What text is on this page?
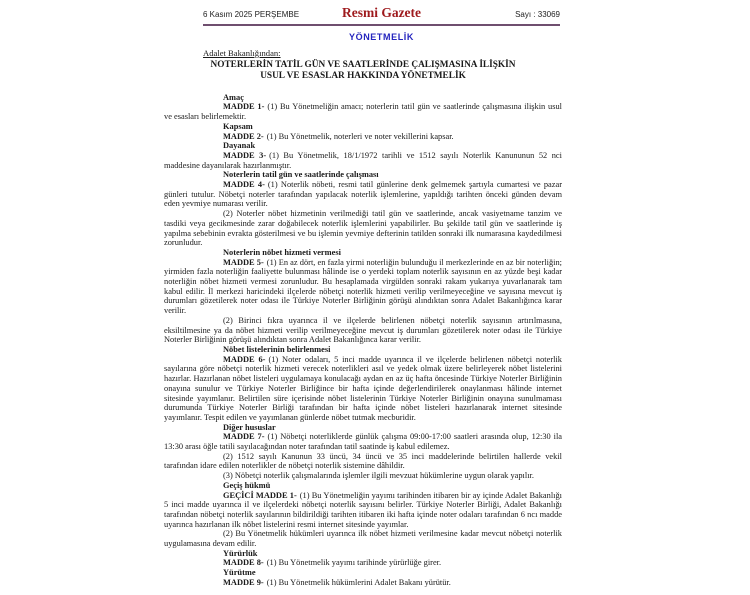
6 Kasım 2025 PERŞEMBE	Resmi Gazete	Sayı : 33069
YÖNETMELİK
Adalet Bakanlığından:
NOTERLERİN TATİL GÜN VE SAATLERİNDE ÇALIŞMASINA İLİŞKİN
USUL VE ESASLAR HAKKINDA YÖNETMELİK
Amaç

MADDE 1- (1) Bu Yönetmeliğin amacı; noterlerin tatil gün ve saatlerinde çalışmasına ilişkin usul ve esasları belirlemektir.

Kapsam

MADDE 2- (1) Bu Yönetmelik, noterleri ve noter vekillerini kapsar.

Dayanak

MADDE 3- (1) Bu Yönetmelik, 18/1/1972 tarihli ve 1512 sayılı Noterlik Kanununun 52 nci maddesine dayanılarak hazırlanmıştır.

Noterlerin tatil gün ve saatlerinde çalışması

MADDE 4- (1) Noterlik nöbeti, resmi tatil günlerine denk gelmemek şartıyla cumartesi ve pazar günleri tutulur. Nöbetçi noterler tarafından yapılacak noterlik işlemlerine, yapıldığı tarihten önceki günden devam eden yevmiye numarası verilir.

(2) Noterler nöbet hizmetinin verilmediği tatil gün ve saatlerinde, ancak vasiyetname tanzim ve tasdiki veya gecikmesinde zarar doğabilecek noterlik işlemlerini yapabilirler. Bu şekilde tatil gün ve saatlerinde iş yapılma sebebinin evrakta gösterilmesi ve bu işlemin yevmiye defterinin tatilden sonraki ilk numarasına kaydedilmesi zorunludur.

Noterlerin nöbet hizmeti vermesi

MADDE 5- (1) En az dört, en fazla yirmi noterliğin bulunduğu il merkezlerinde en az bir noterliğin; yirmiden fazla noterliğin faaliyette bulunması hâlinde ise o yerdeki toplam noterlik sayısının en az yüzde beşi kadar noterliğin nöbet hizmeti vermesi zorunludur. Bu hesaplamada virgülden sonraki rakam yukarıya yuvarlanarak tam kabul edilir. İl merkezi haricindeki ilçelerde nöbetçi noterlik hizmeti verilip verilmeyeceğine ve sayısına mevcut iş durumları gözetilerek noter odası ile Türkiye Noterler Birliğinin görüşü alındıktan sonra Adalet Bakanlığınca karar verilir.

(2) Birinci fıkra uyarınca il ve ilçelerde belirlenen nöbetçi noterlik sayısının artırılmasına, eksiltilmesine ya da nöbet hizmeti verilip verilmeyeceğine mevcut iş durumları gözetilerek noter odası ile Türkiye Noterler Birliğinin görüşü alındıktan sonra Adalet Bakanlığınca karar verilir.

Nöbet listelerinin belirlenmesi

MADDE 6- (1) Noter odaları, 5 inci madde uyarınca il ve ilçelerde belirlenen nöbetçi noterlik sayılarına göre nöbetçi noterlik hizmeti verecek noterlikleri asıl ve yedek olmak üzere belirleyerek nöbet listelerini hazırlar. Hazırlanan nöbet listeleri uygulamaya konulacağı aydan en az üç hafta öncesinde Türkiye Noterler Birliğinin onayına sunulur ve Türkiye Noterler Birliğince bir hafta içinde değerlendirilerek onaylanması hâlinde internet sitesinde yayımlanır. Belirtilen süre içerisinde nöbet listelerinin Türkiye Noterler Birliğinin onayına sunulmaması durumunda Türkiye Noterler Birliği tarafından bir hafta içinde nöbet listeleri hazırlanarak internet sitesinde yayımlanır. Tespit edilen ve yayımlanan günlerde nöbet tutmak mecburidir.

Diğer hususlar

MADDE 7- (1) Nöbetçi noterliklerde günlük çalışma 09:00-17:00 saatleri arasında olup, 12:30 ila 13:30 arası öğle tatili sayılacağından noter tarafından tatil saatinde iş kabul edilemez.

(2) 1512 sayılı Kanunun 33 üncü, 34 üncü ve 35 inci maddelerinde belirtilen hallerde vekil tarafından idare edilen noterlikler de nöbetçi noterlik sistemine dâhildir.

(3) Nöbetçi noterlik çalışmalarında işlemler ilgili mevzuat hükümlerine uygun olarak yapılır.

Geçiş hükmü

GEÇİCİ MADDE 1- (1) Bu Yönetmeliğin yayımı tarihinden itibaren bir ay içinde Adalet Bakanlığı 5 inci madde uyarınca il ve ilçelerdeki nöbetçi noterlik sayısını belirler. Türkiye Noterler Birliği, Adalet Bakanlığı tarafından nöbetçi noterlik sayılarının bildirildiği tarihten itibaren iki hafta içinde noter odaları tarafından 6 ncı madde uyarınca hazırlanan ilk nöbet listelerini resmi internet sitesinde yayımlar.

(2) Bu Yönetmelik hükümleri uyarınca ilk nöbet hizmeti verilmesine kadar mevcut nöbetçi noterlik uygulamasına devam edilir.

Yürürlük

MADDE 8- (1) Bu Yönetmelik yayımı tarihinde yürürlüğe girer.

Yürütme

MADDE 9- (1) Bu Yönetmelik hükümlerini Adalet Bakanı yürütür.
